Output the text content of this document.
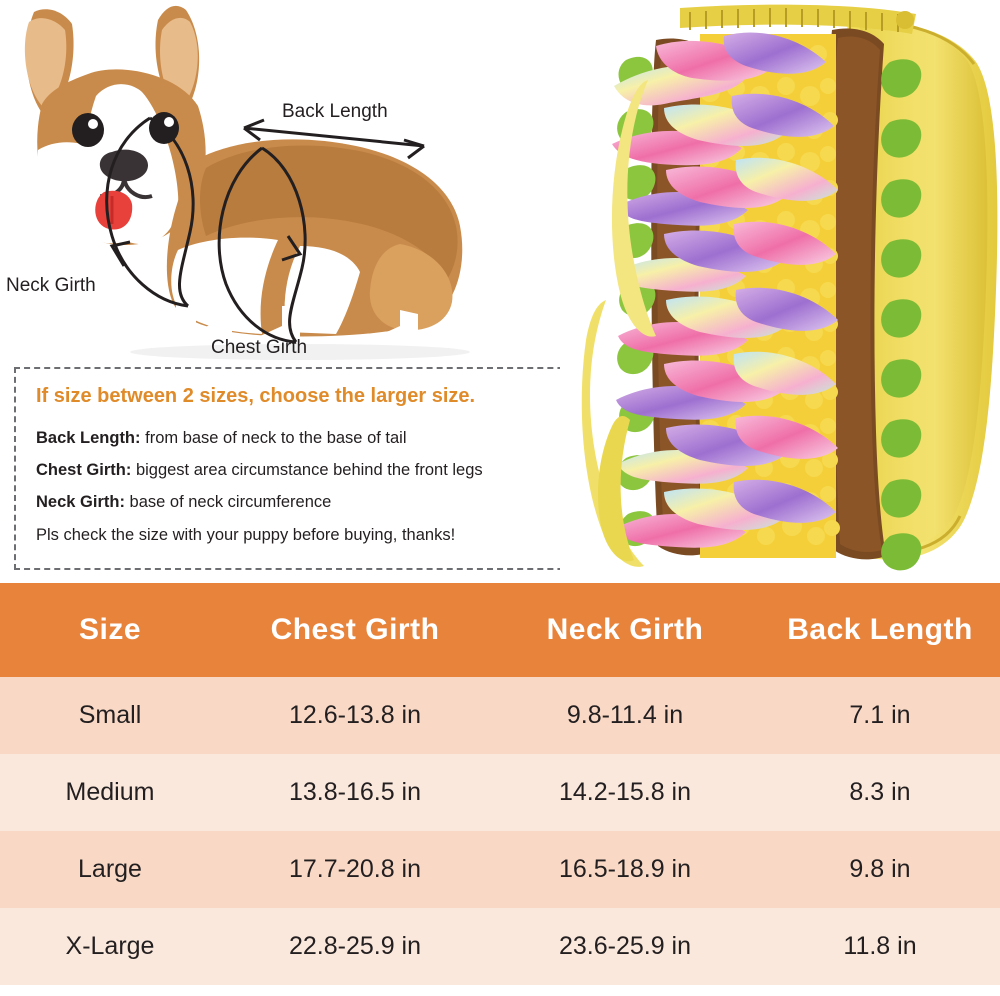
Back Length
Neck Girth
Chest Girth
If size between 2 sizes, choose the larger size.
Back Length: from base of neck to the base of tail
Chest Girth: biggest area circumstance behind the front legs
Neck Girth: base of neck circumference
Pls check the size with your puppy before buying, thanks!
Size	Chest Girth	Neck Girth	Back Length
Small	12.6-13.8 in	9.8-11.4 in	7.1 in
Medium	13.8-16.5 in	14.2-15.8 in	8.3 in
Large	17.7-20.8 in	16.5-18.9 in	9.8 in
X-Large	22.8-25.9 in	23.6-25.9 in	11.8 in
